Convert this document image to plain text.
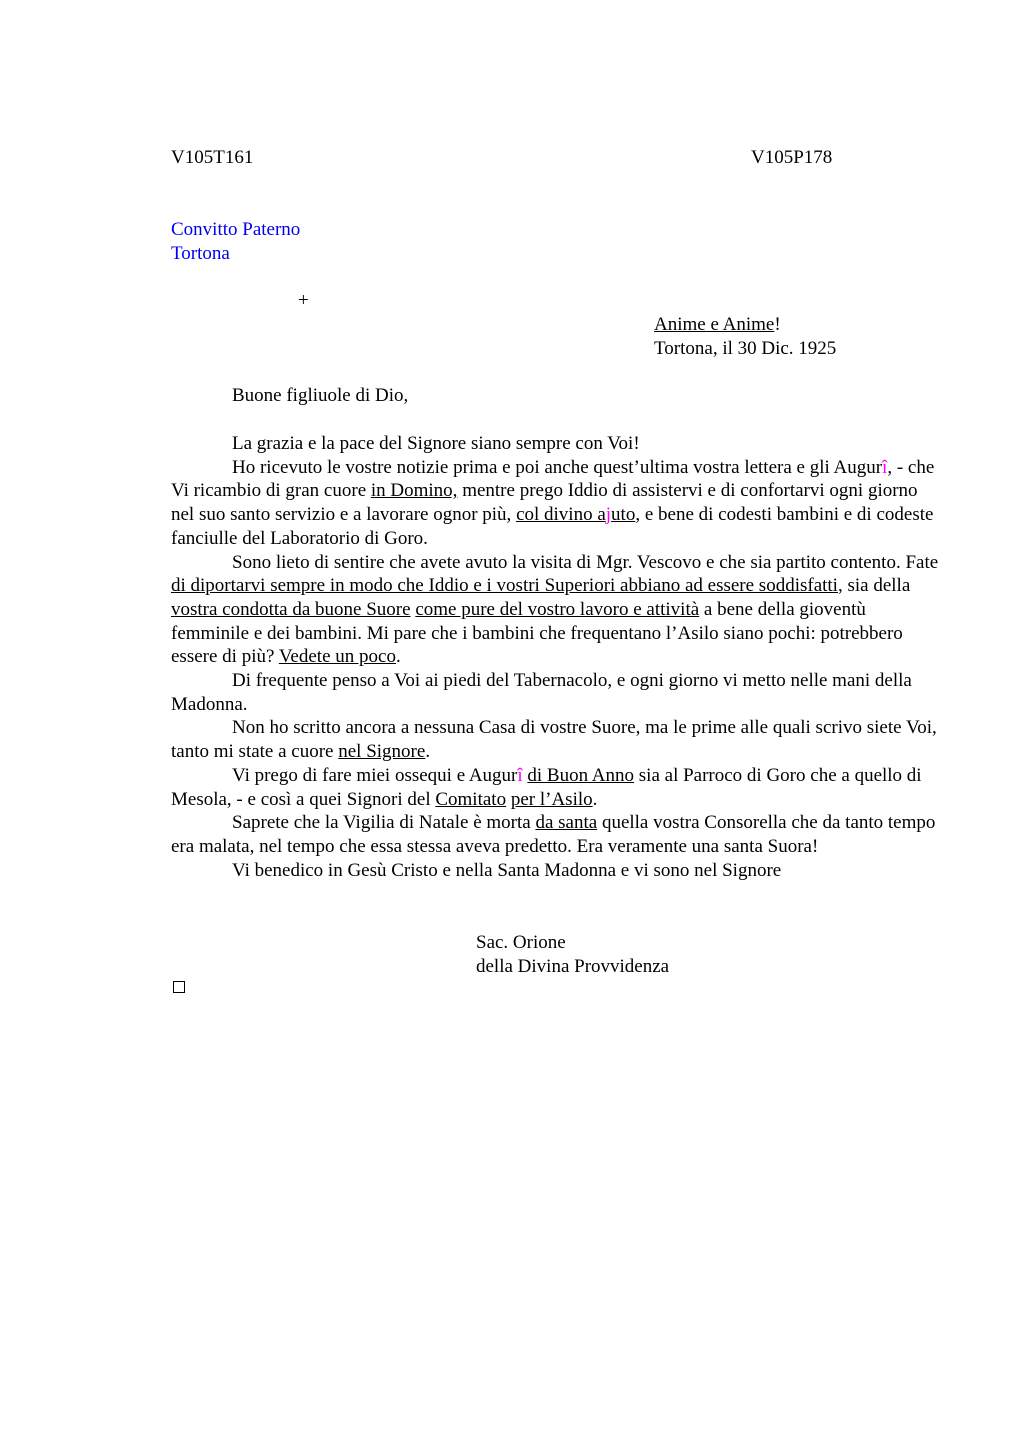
V105T161	V105P178
Convitto Paterno
Tortona
+
Anime e Anime!
Tortona, il 30 Dic. 1925
Buone figliuole di Dio,

La grazia e la pace del Signore siano sempre con Voi!

Ho ricevuto le vostre notizie prima e poi anche quest’ultima vostra lettera e gli Augurî, - che Vi ricambio di gran cuore in Domino, mentre prego Iddio di assistervi e di confortarvi ogni giorno nel suo santo servizio e a lavorare ognor più, col divino ajuto, e bene di codesti bambini e di codeste fanciulle del Laboratorio di Goro.

Sono lieto di sentire che avete avuto la visita di Mgr. Vescovo e che sia partito contento. Fate di diportarvi sempre in modo che Iddio e i vostri Superiori abbiano ad essere soddisfatti, sia della vostra condotta da buone Suore come pure del vostro lavoro e attività a bene della gioventù femminile e dei bambini. Mi pare che i bambini che frequentano l’Asilo siano pochi: potrebbero essere di più? Vedete un poco.

Di frequente penso a Voi ai piedi del Tabernacolo, e ogni giorno vi metto nelle mani della Madonna.

Non ho scritto ancora a nessuna Casa di vostre Suore, ma le prime alle quali scrivo siete Voi, tanto mi state a cuore nel Signore.

Vi prego di fare miei ossequi e Augurî di Buon Anno sia al Parroco di Goro che a quello di Mesola, - e così a quei Signori del Comitato per l’Asilo.

Saprete che la Vigilia di Natale è morta da santa quella vostra Consorella che da tanto tempo era malata, nel tempo che essa stessa aveva predetto. Era veramente una santa Suora!

Vi benedico in Gesù Cristo e nella Santa Madonna e vi sono nel Signore

Sac. Orione
della Divina Provvidenza
